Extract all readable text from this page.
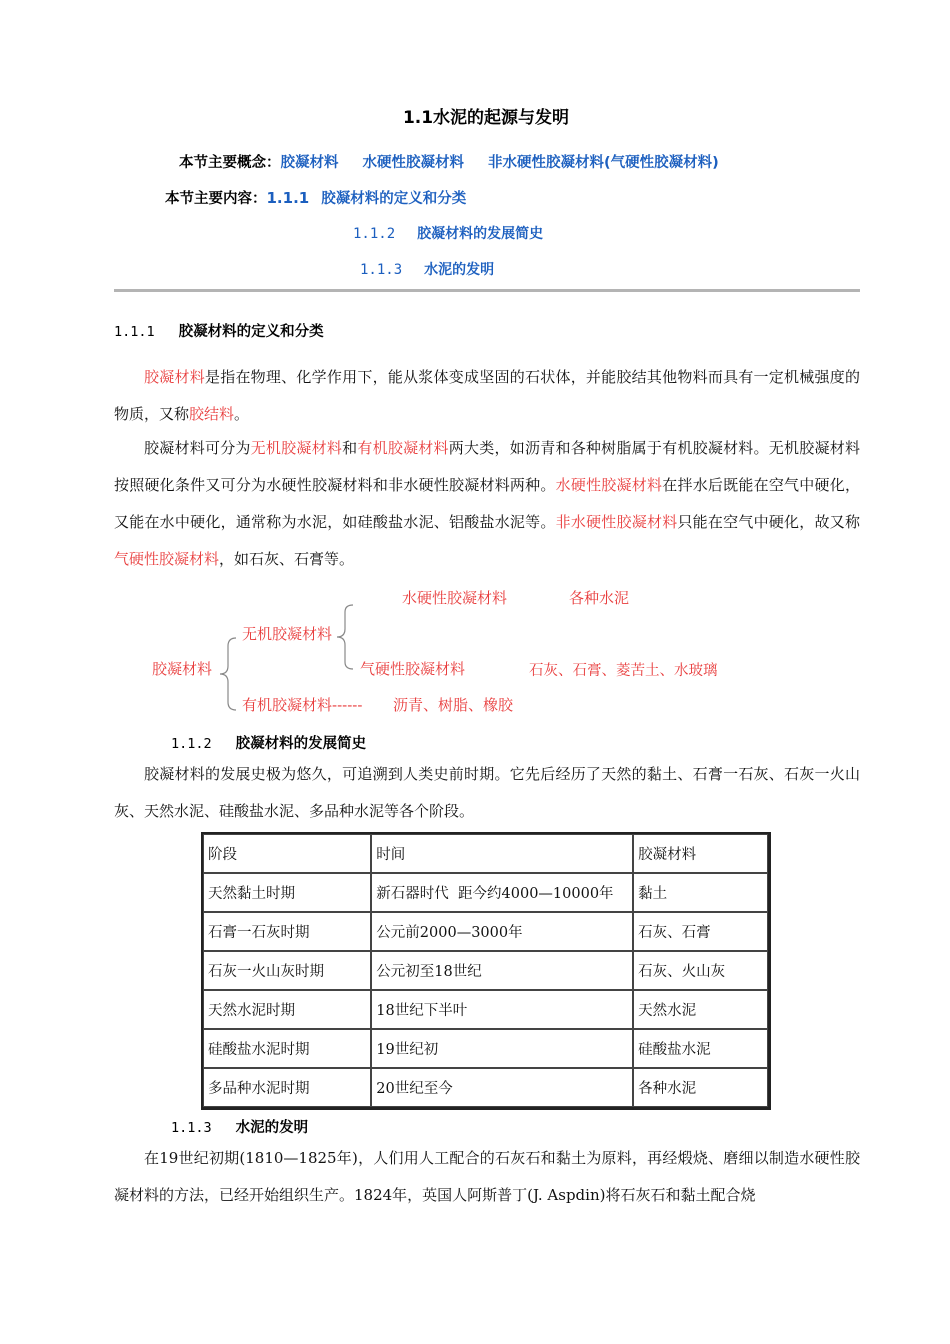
1.1水泥的起源与发明
本节主要概念：胶凝材料 水硬性胶凝材料 非水硬性胶凝材料(气硬性胶凝材料)
本节主要内容：1.1.1 胶凝材料的定义和分类
1.1.2 胶凝材料的发展简史
1.1.3 水泥的发明
1.1.1 胶凝材料的定义和分类
胶凝材料是指在物理、化学作用下，能从浆体变成坚固的石状体，并能胶结其他物料而具有一定机械强度的物质，又称胶结料。
胶凝材料可分为无机胶凝材料和有机胶凝材料两大类，如沥青和各种树脂属于有机胶凝材料。无机胶凝材料按照硬化条件又可分为水硬性胶凝材料和非水硬性胶凝材料两种。水硬性胶凝材料在拌水后既能在空气中硬化，又能在水中硬化，通常称为水泥，如硅酸盐水泥、铝酸盐水泥等。非水硬性胶凝材料只能在空气中硬化，故又称气硬性胶凝材料，如石灰、石膏等。
水硬性胶凝材料	各种水泥
无机胶凝材料
胶凝材料	气硬性胶凝材料	石灰、石膏、菱苦土、水玻璃
有机胶凝材料------ 沥青、树脂、橡胶
1.1.2 胶凝材料的发展简史
胶凝材料的发展史极为悠久，可追溯到人类史前时期。它先后经历了天然的黏土、石膏一石灰、石灰一火山灰、天然水泥、硅酸盐水泥、多品种水泥等各个阶段。
阶段	时间	胶凝材料
天然黏土时期	新石器时代  距今约4000—10000年	黏土
石膏一石灰时期	公元前2000—3000年	石灰、石膏
石灰一火山灰时期	公元初至18世纪	石灰、火山灰
天然水泥时期	18世纪下半叶	天然水泥
硅酸盐水泥时期	19世纪初	硅酸盐水泥
多品种水泥时期	20世纪至今	各种水泥
1.1.3 水泥的发明
在19世纪初期(1810—1825年)，人们用人工配合的石灰石和黏土为原料，再经煅烧、磨细以制造水硬性胶凝材料的方法，已经开始组织生产。1824年，英国人阿斯普丁(J. Aspdin)将石灰石和黏土配合烧
